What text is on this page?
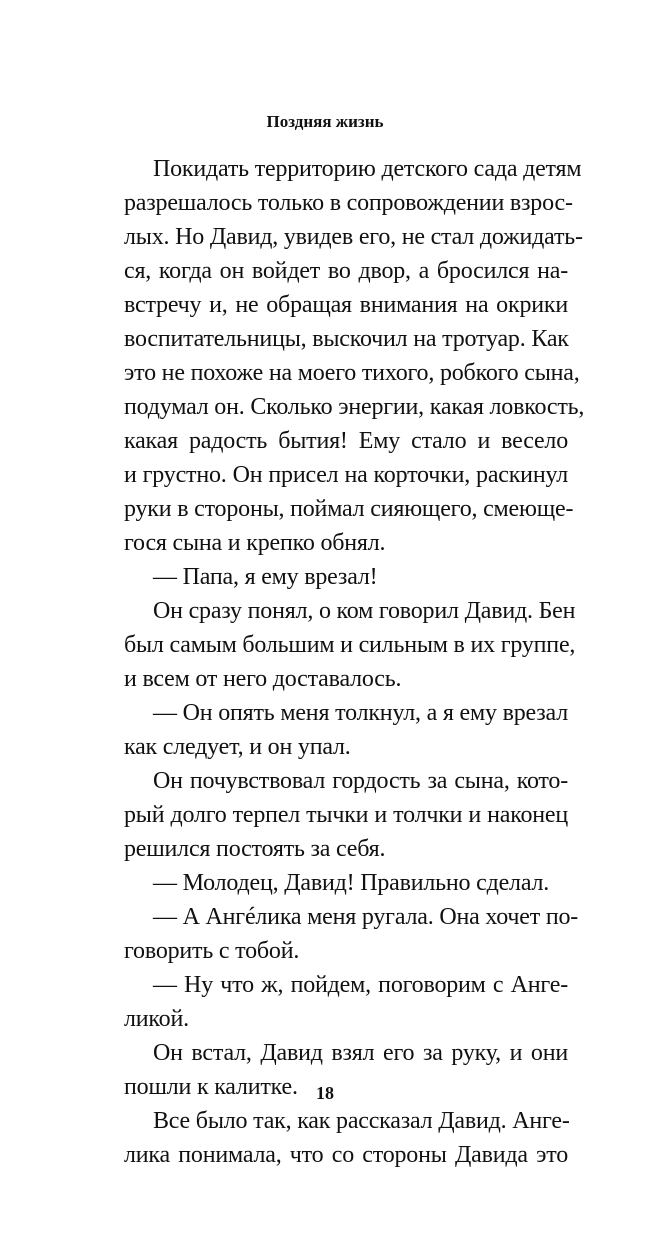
Поздняя жизнь
Покидать территорию детского сада детям
разрешалось только в сопровождении взрос-
лых. Но Давид, увидев его, не стал дожидать-
ся, когда он войдет во двор, а бросился на-
встречу и, не обращая внимания на окрики
воспитательницы, выскочил на тротуар. Как
это не похоже на моего тихого, робкого сына,
подумал он. Сколько энергии, какая ловкость,
какая радость бытия! Ему стало и весело
и грустно. Он присел на корточки, раскинул
руки в стороны, поймал сияющего, смеюще-
гося сына и крепко обнял.
— Папа, я ему врезал!
Он сразу понял, о ком говорил Давид. Бен
был самым большим и сильным в их группе,
и всем от него доставалось.
— Он опять меня толкнул, а я ему врезал
как следует, и он упал.
Он почувствовал гордость за сына, кото-
рый долго терпел тычки и толчки и наконец
решился постоять за себя.
— Молодец, Давид! Правильно сделал.
— А Ангéлика меня ругала. Она хочет по-
говорить с тобой.
— Ну что ж, пойдем, поговорим с Анге-
ликой.
Он встал, Давид взял его за руку, и они
пошли к калитке.
Все было так, как рассказал Давид. Анге-
лика понимала, что со стороны Давида это
18
